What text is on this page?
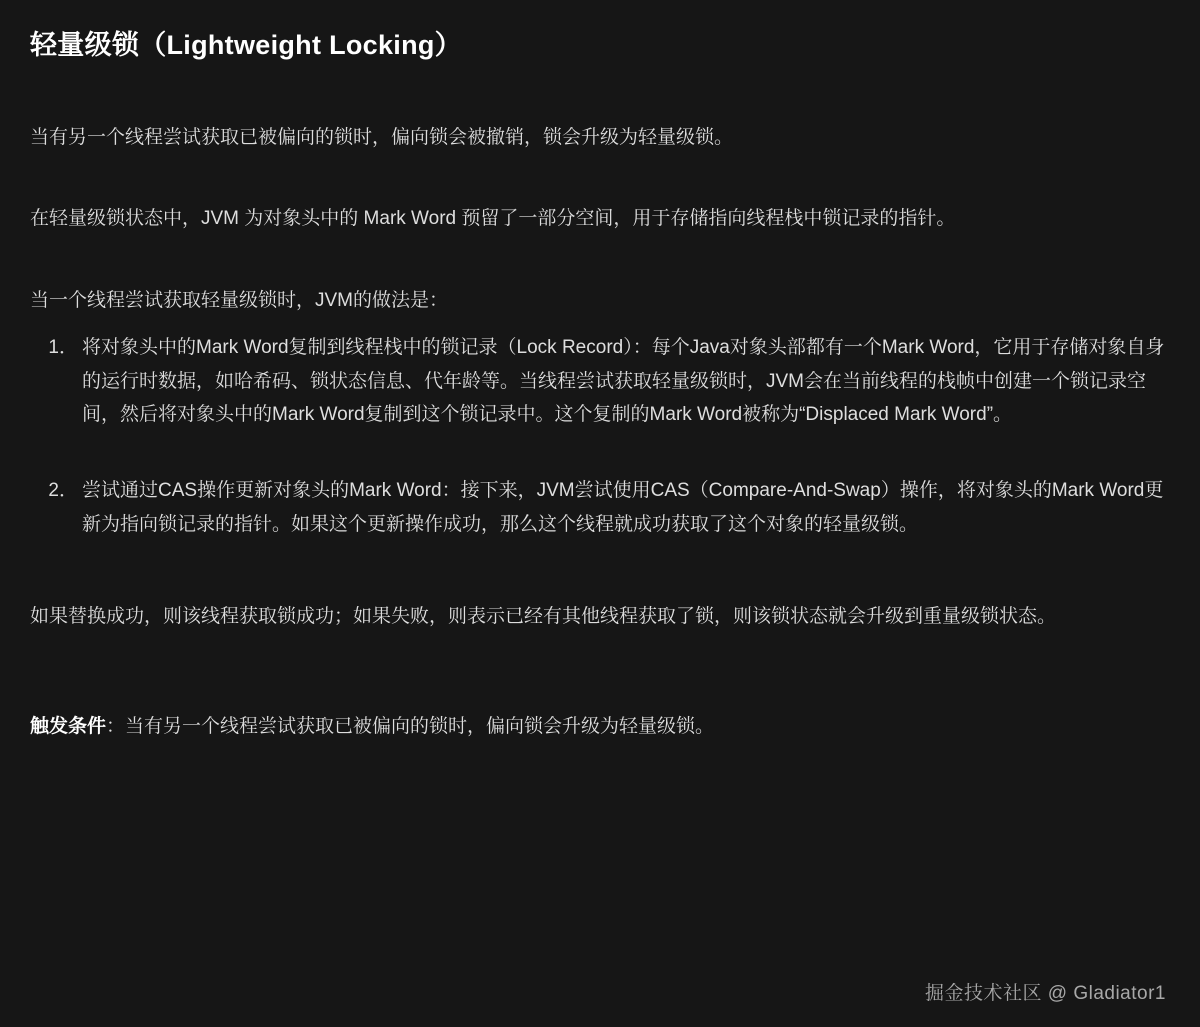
轻量级锁（Lightweight Locking）

当有另一个线程尝试获取已被偏向的锁时，偏向锁会被撤销，锁会升级为轻量级锁。

在轻量级锁状态中，JVM 为对象头中的 Mark Word 预留了一部分空间，用于存储指向线程栈中锁记录的指针。

当一个线程尝试获取轻量级锁时，JVM的做法是：

将对象头中的Mark Word复制到线程栈中的锁记录（Lock Record）：每个Java对象头部都有一个Mark Word，它用于存储对象自身的运行时数据，如哈希码、锁状态信息、代年龄等。当线程尝试获取轻量级锁时，JVM会在当前线程的栈帧中创建一个锁记录空间，然后将对象头中的Mark Word复制到这个锁记录中。这个复制的Mark Word被称为“Displaced Mark Word”。
尝试通过CAS操作更新对象头的Mark Word：接下来，JVM尝试使用CAS（Compare-And-Swap）操作，将对象头的Mark Word更新为指向锁记录的指针。如果这个更新操作成功，那么这个线程就成功获取了这个对象的轻量级锁。

如果替换成功，则该线程获取锁成功；如果失败，则表示已经有其他线程获取了锁，则该锁状态就会升级到重量级锁状态。

触发条件：当有另一个线程尝试获取已被偏向的锁时，偏向锁会升级为轻量级锁。

掘金技术社区 @ Gladiator1
